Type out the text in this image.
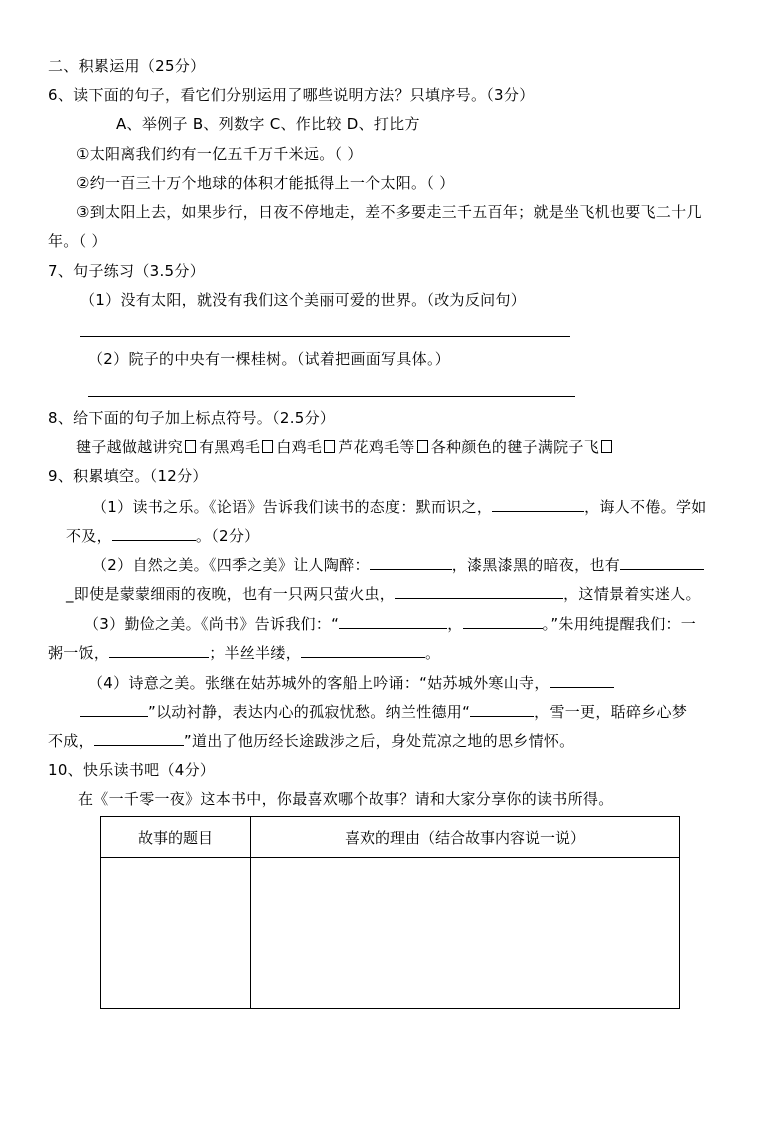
二、积累运用（25分）
6、读下面的句子，看它们分别运用了哪些说明方法？只填序号。（3分）
A、举例子 B、列数字 C、作比较 D、打比方
①太阳离我们约有一亿五千万千米远。（ ）
②约一百三十万个地球的体积才能抵得上一个太阳。（ ）
③到太阳上去，如果步行，日夜不停地走，差不多要走三千五百年；就是坐飞机也要飞二十几
年。（ ）
7、句子练习（3.5分）
（1）没有太阳，就没有我们这个美丽可爱的世界。（改为反问句）
（2）院子的中央有一棵桂树。（试着把画面写具体。）
8、给下面的句子加上标点符号。（2.5分）
毽子越做越讲究 有黑鸡毛 白鸡毛 芦花鸡毛等 各种颜色的毽子满院子飞
9、积累填空。（12分）
（1）读书之乐。《论语》告诉我们读书的态度：默而识之，	，诲人不倦。学如
不及，	。（2分）
（2）自然之美。《四季之美》让人陶醉：	，漆黑漆黑的暗夜，也有
_即使是蒙蒙细雨的夜晚，也有一只两只萤火虫，	，这情景着实迷人。
（3）勤俭之美。《尚书》告诉我们：“	，	。”朱用纯提醒我们：一
粥一饭，	；半丝半缕，	。
（4）诗意之美。张继在姑苏城外的客船上吟诵：“姑苏城外寒山寺，
”以动衬静，表达内心的孤寂忧愁。纳兰性德用“	，雪一更，聒碎乡心梦
不成，	”道出了他历经长途跋涉之后，身处荒凉之地的思乡情怀。
10、快乐读书吧（4分）
在《一千零一夜》这本书中，你最喜欢哪个故事？请和大家分享你的读书所得。
故事的题目	喜欢的理由（结合故事内容说一说）
